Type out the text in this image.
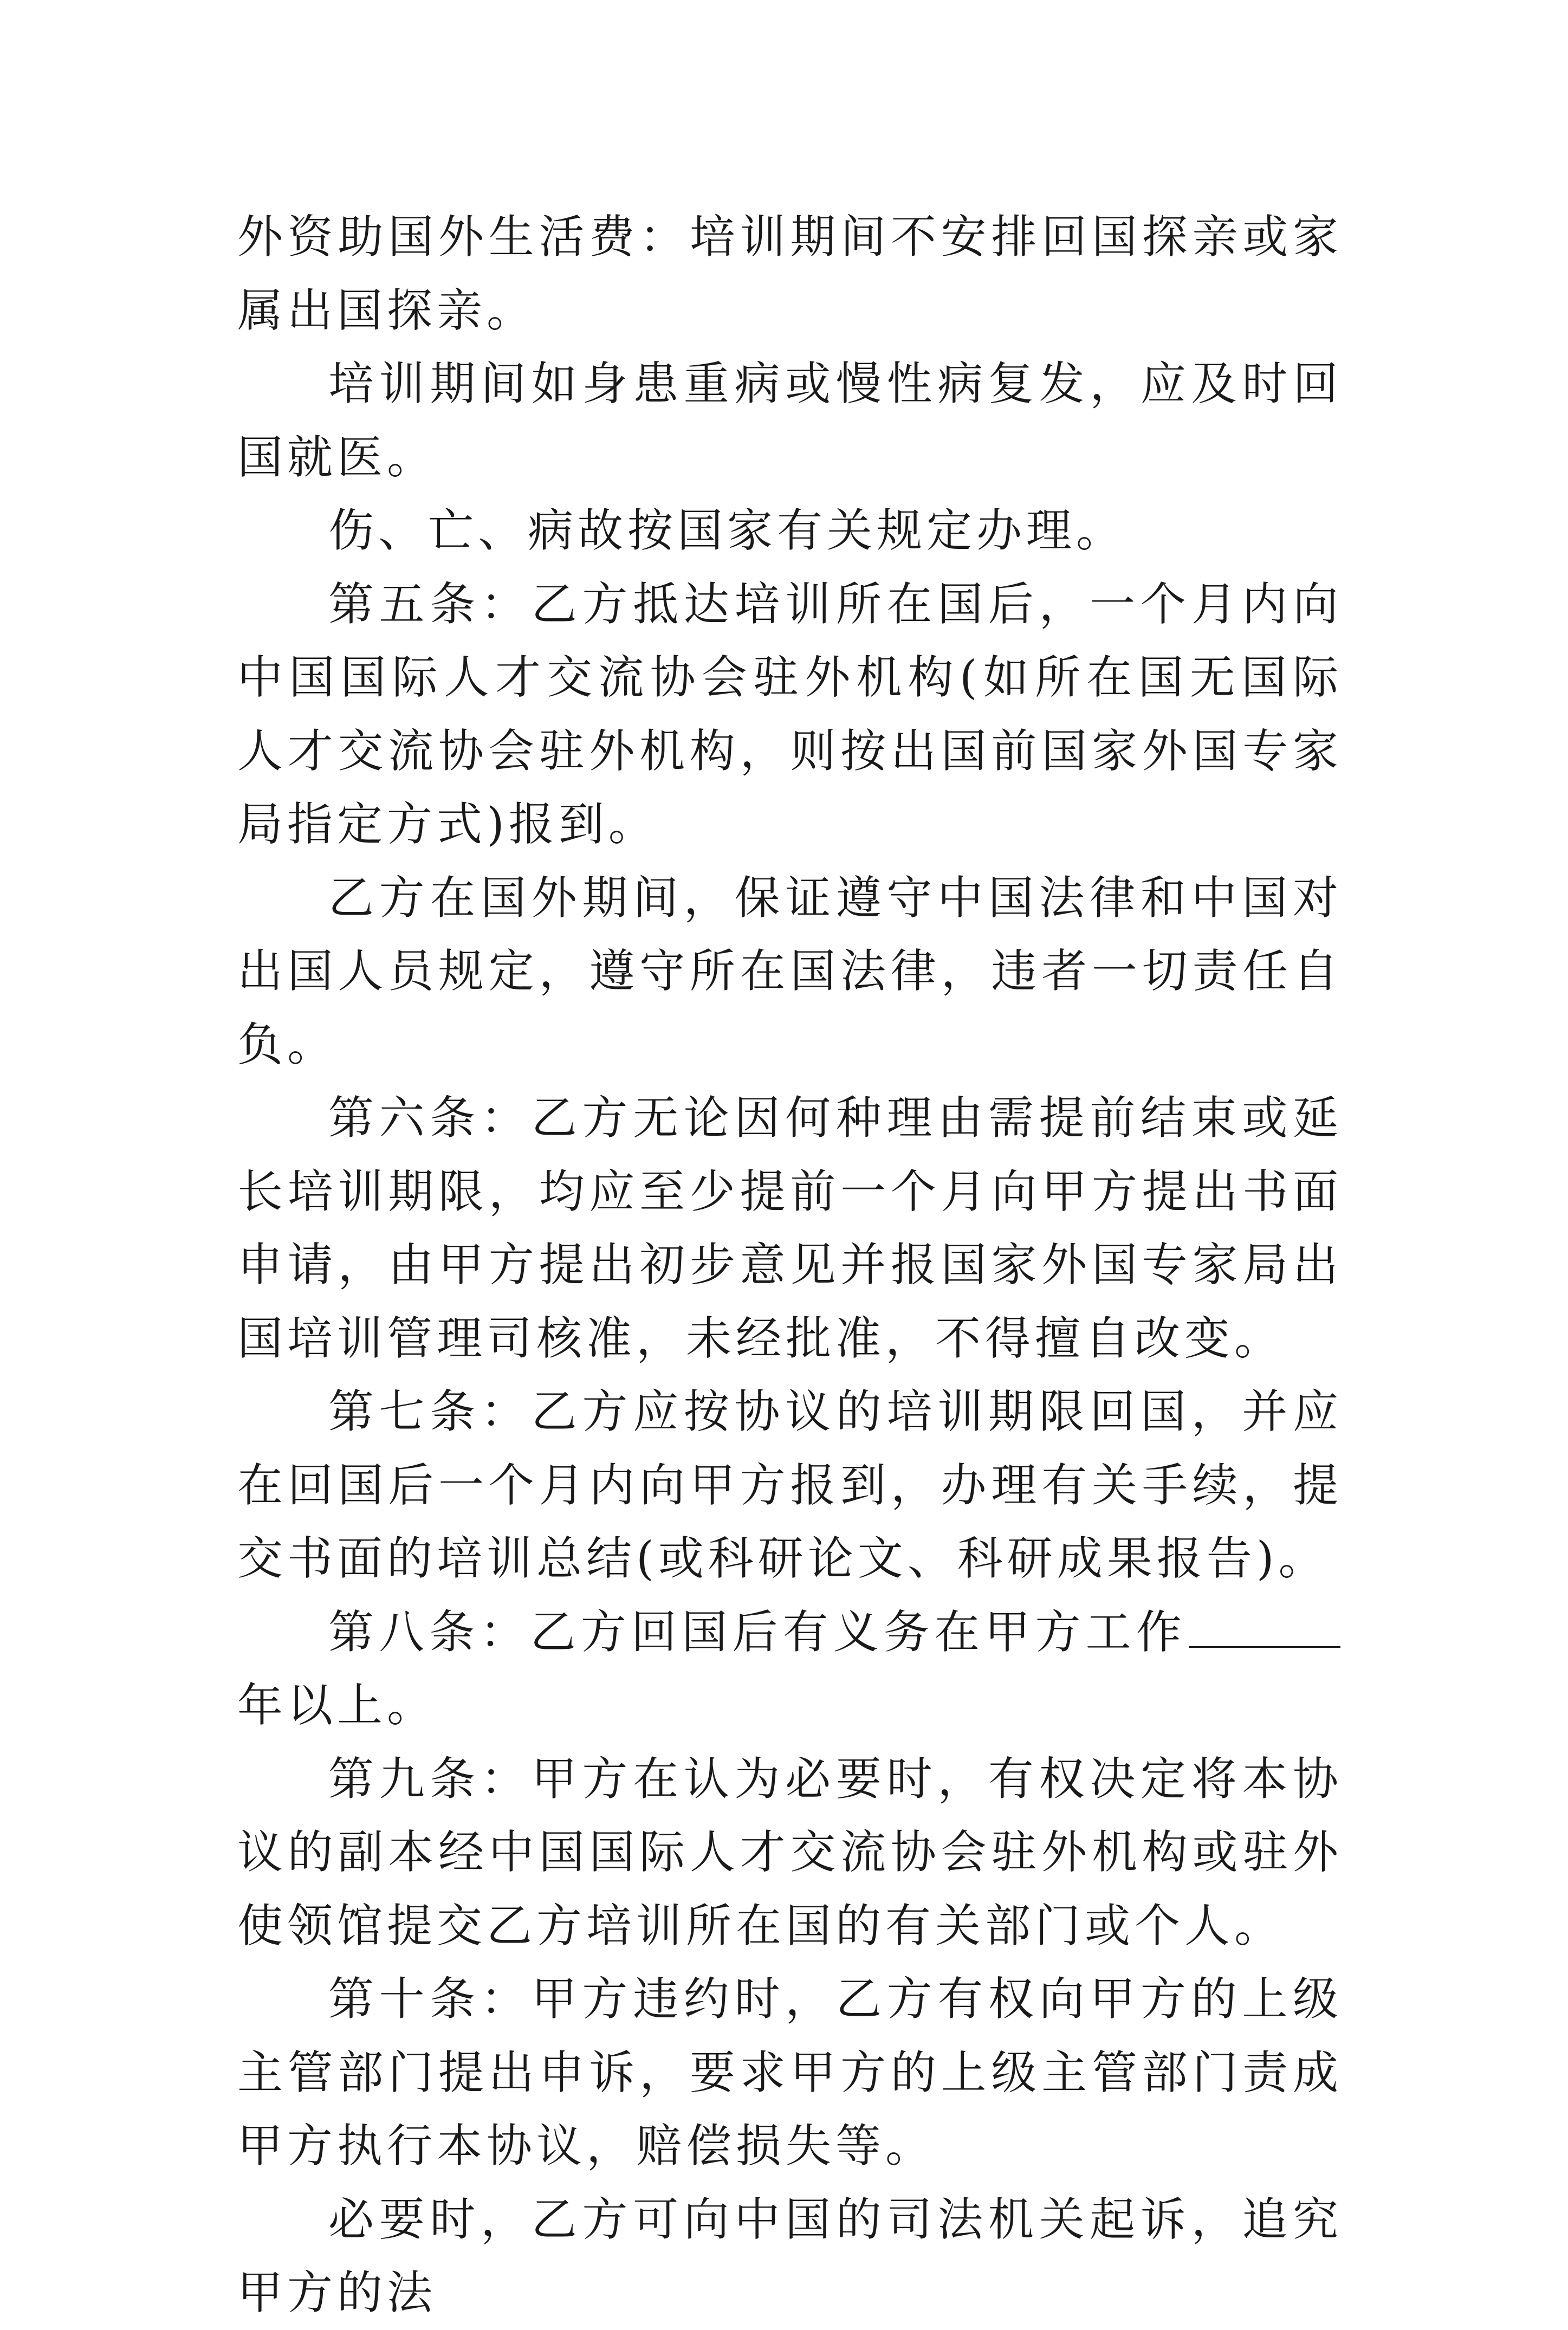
外资助国外生活费：培训期间不安排回国探亲或家属出国探亲。

培训期间如身患重病或慢性病复发，应及时回国就医。

伤、亡、病故按国家有关规定办理。

第五条：乙方抵达培训所在国后，一个月内向中国国际人才交流协会驻外机构(如所在国无国际人才交流协会驻外机构，则按出国前国家外国专家局指定方式)报到。

乙方在国外期间，保证遵守中国法律和中国对出国人员规定，遵守所在国法律，违者一切责任自负。

第六条：乙方无论因何种理由需提前结束或延长培训期限，均应至少提前一个月向甲方提出书面申请，由甲方提出初步意见并报国家外国专家局出国培训管理司核准，未经批准，不得擅自改变。

第七条：乙方应按协议的培训期限回国，并应在回国后一个月内向甲方报到，办理有关手续，提交书面的培训总结(或科研论文、科研成果报告)。

第八条：乙方回国后有义务在甲方工作年以上。

第九条：甲方在认为必要时，有权决定将本协议的副本经中国国际人才交流协会驻外机构或驻外使领馆提交乙方培训所在国的有关部门或个人。

第十条：甲方违约时，乙方有权向甲方的上级主管部门提出申诉，要求甲方的上级主管部门责成甲方执行本协议，赔偿损失等。

必要时，乙方可向中国的司法机关起诉，追究甲方的法
